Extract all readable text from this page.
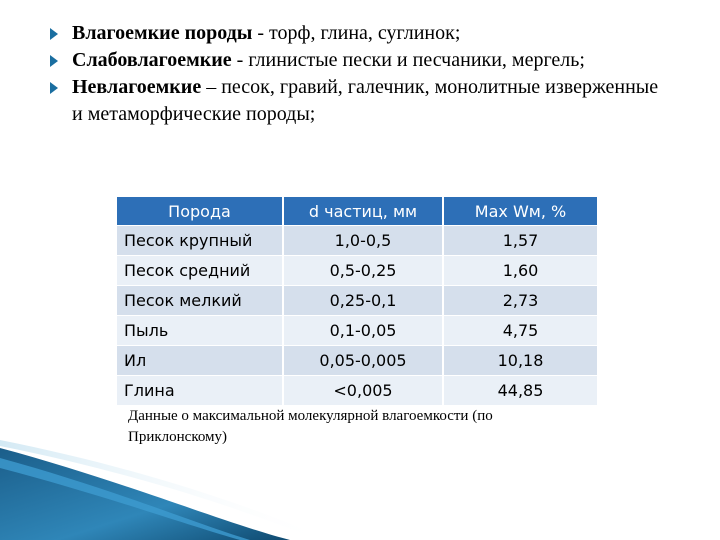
Влагоемкие породы - торф, глина, суглинок;
Слабовлагоемкие - глинистые пески и песчаники, мергель;
Невлагоемкие – песок, гравий, галечник, монолитные изверженные и метаморфические породы;
Порода	d частиц, мм	Max Wм, %
Песок крупный	1,0-0,5	1,57
Песок средний	0,5-0,25	1,60
Песок мелкий	0,25-0,1	2,73
Пыль	0,1-0,05	4,75
Ил	0,05-0,005	10,18
Глина	<0,005	44,85
Данные о максимальной молекулярной влагоемкости (по Приклонскому)
